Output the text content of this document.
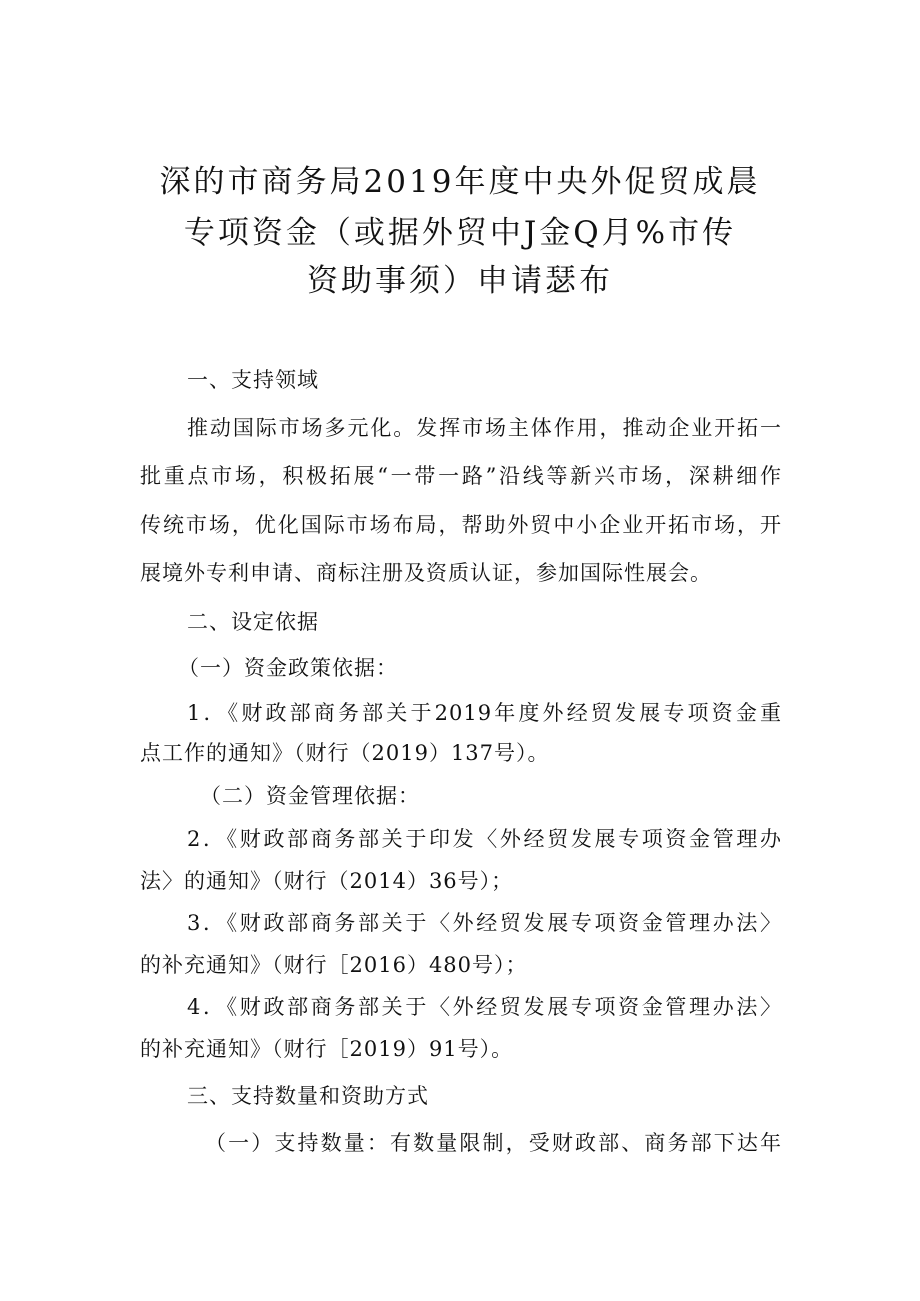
深的市商务局2019年度中央外促贸成晨
专项资金（或据外贸中J金Q月%市传
资助事须）申请瑟布
一、支持领域
推动国际市场多元化。发挥市场主体作用，推动企业开拓一
批重点市场，积极拓展“一带一路”沿线等新兴市场，深耕细作
传统市场，优化国际市场布局，帮助外贸中小企业开拓市场，开
展境外专利申请、商标注册及资质认证，参加国际性展会。
二、设定依据
（一）资金政策依据：
1．《财政部商务部关于2019年度外经贸发展专项资金重
点工作的通知》（财行（2019）137号）。
（二）资金管理依据：
2．《财政部商务部关于印发〈外经贸发展专项资金管理办
法〉的通知》（财行（2014）36号）；
3．《财政部商务部关于〈外经贸发展专项资金管理办法〉
的补充通知》（财行［2016）480号）；
4．《财政部商务部关于〈外经贸发展专项资金管理办法〉
的补充通知》（财行［2019）91号）。
三、支持数量和资助方式
（一）支持数量：有数量限制，受财政部、商务部下达年
